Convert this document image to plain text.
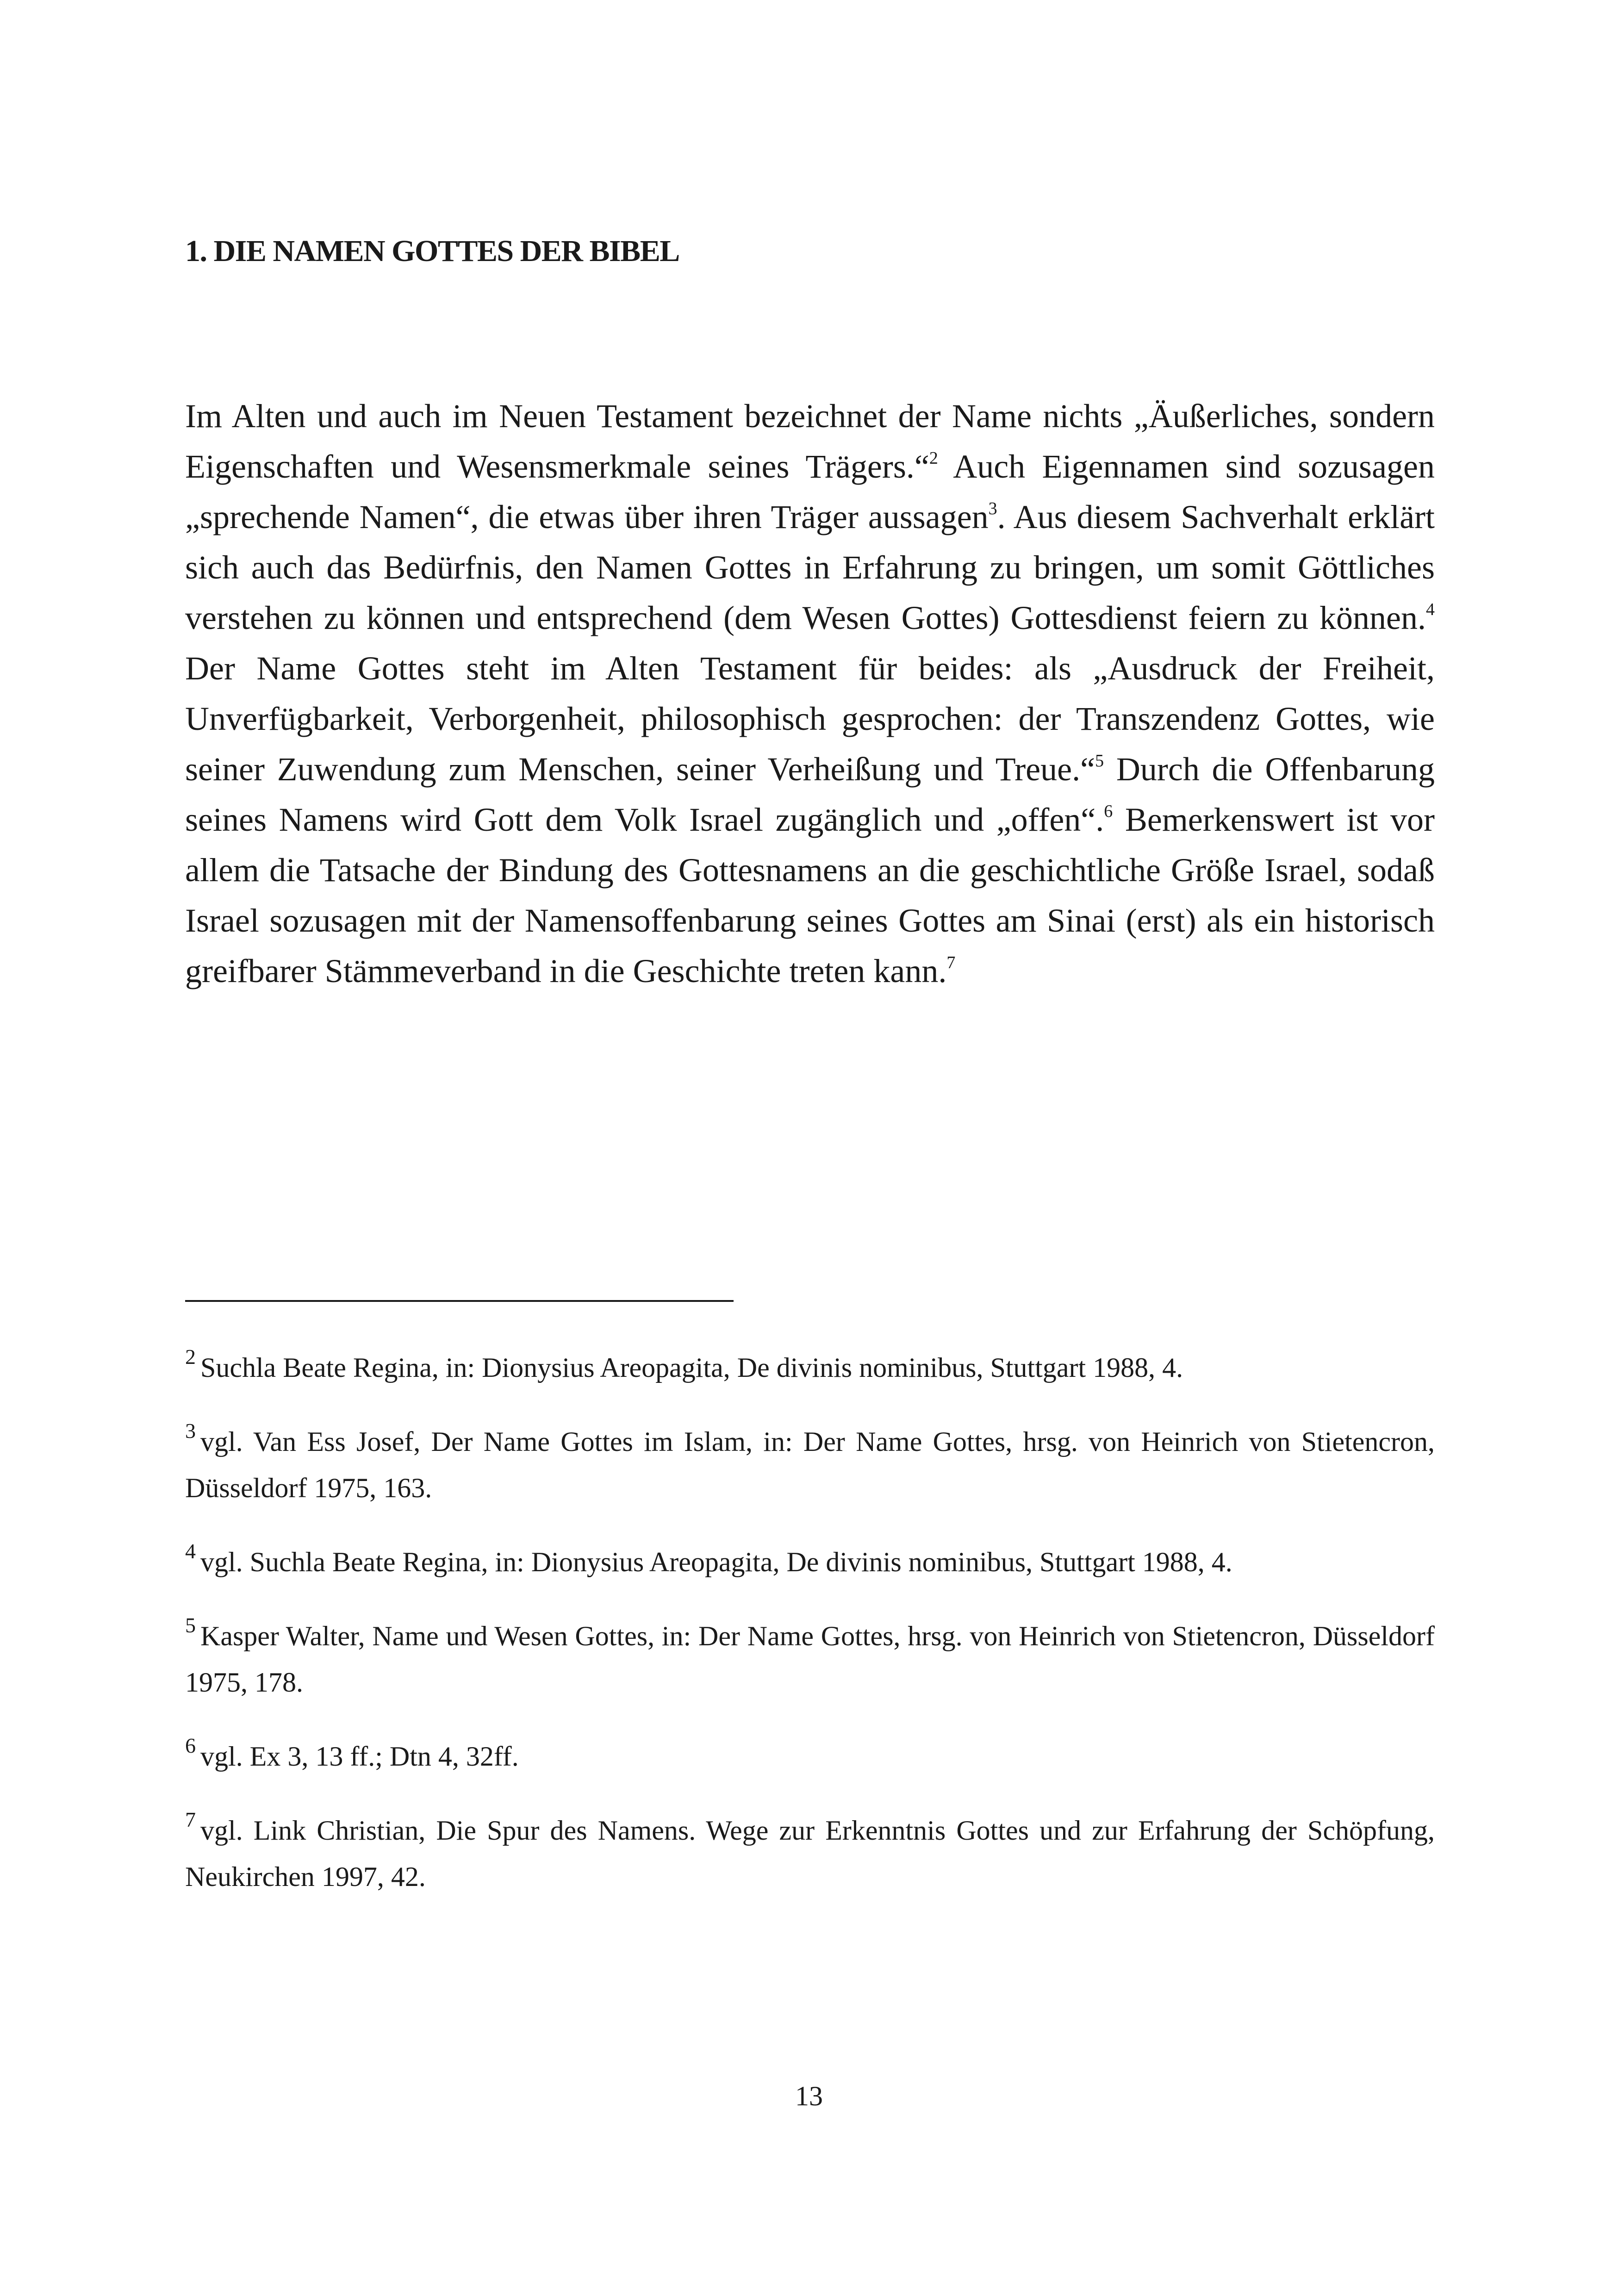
1. DIE NAMEN GOTTES DER BIBEL

Im Alten und auch im Neuen Testament bezeichnet der Name nichts „Äußerliches, sondern Eigenschaften und Wesensmerkmale seines Trägers.“$^2$ Auch Eigennamen sind sozusagen „sprechende Namen“, die etwas über ihren Träger aussagen$^3$. Aus diesem Sachverhalt erklärt sich auch das Bedürfnis, den Namen Gottes in Erfahrung zu bringen, um somit Göttliches verstehen zu können und entsprechend (dem Wesen Gottes) Gottesdienst feiern zu können.$^4$ Der Name Gottes steht im Alten Testament für beides: als „Ausdruck der Freiheit, Unverfügbarkeit, Verborgenheit, philosophisch gesprochen: der Transzendenz Gottes, wie seiner Zuwendung zum Menschen, seiner Verheißung und Treue.“$^5$ Durch die Offenbarung seines Namens wird Gott dem Volk Israel zugänglich und „offen“.$^6$ Bemerkenswert ist vor allem die Tatsache der Bindung des Gottesnamens an die geschichtliche Größe Israel, sodaß Israel sozusagen mit der Namensoffenbarung seines Gottes am Sinai (erst) als ein historisch greifbarer Stämmeverband in die Geschichte treten kann.$^7$

$^2$ Suchla Beate Regina, in: Dionysius Areopagita, De divinis nominibus, Stuttgart 1988, 4.

$^3$ vgl. Van Ess Josef, Der Name Gottes im Islam, in: Der Name Gottes, hrsg. von Heinrich von Stietencron, Düsseldorf 1975, 163.

$^4$ vgl. Suchla Beate Regina, in: Dionysius Areopagita, De divinis nominibus, Stuttgart 1988, 4.

$^5$ Kasper Walter, Name und Wesen Gottes, in: Der Name Gottes, hrsg. von Heinrich von Stietencron, Düsseldorf 1975, 178.

$^6$ vgl. Ex 3, 13 ff.; Dtn 4, 32ff.

$^7$ vgl. Link Christian, Die Spur des Namens. Wege zur Erkenntnis Gottes und zur Erfahrung der Schöpfung, Neukirchen 1997, 42.

13
